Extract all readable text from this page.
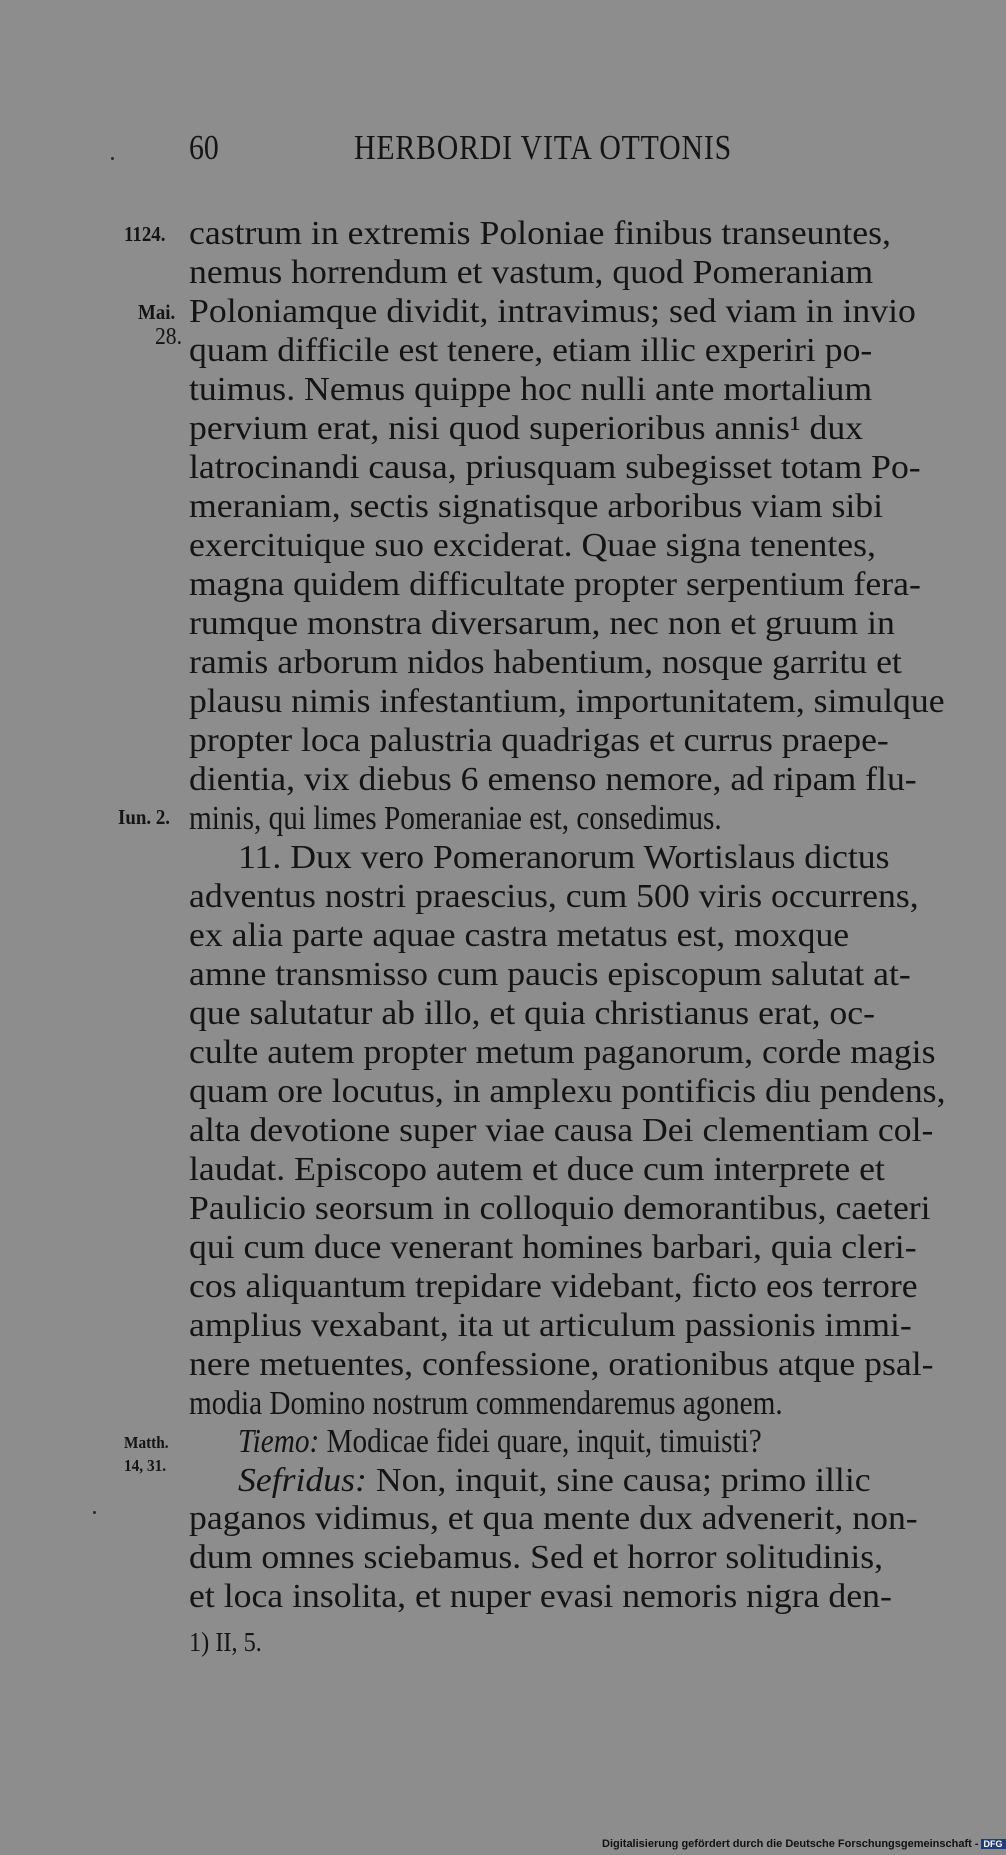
60	HERBORDI VITA OTTONIS
1124.
Mai.
28.
Iun. 2.
Matth.
14, 31.
castrum in extremis Poloniae finibus transeuntes,
nemus horrendum et vastum, quod Pomeraniam
Poloniamque dividit, intravimus; sed viam in invio
quam difficile est tenere, etiam illic experiri po-
tuimus. Nemus quippe hoc nulli ante mortalium
pervium erat, nisi quod superioribus annis¹ dux
latrocinandi causa, priusquam subegisset totam Po-
meraniam, sectis signatisque arboribus viam sibi
exercituique suo exciderat. Quae signa tenentes,
magna quidem difficultate propter serpentium fera-
rumque monstra diversarum, nec non et gruum in
ramis arborum nidos habentium, nosque garritu et
plausu nimis infestantium, importunitatem, simulque
propter loca palustria quadrigas et currus praepe-
dientia, vix diebus 6 emenso nemore, ad ripam flu-
minis, qui limes Pomeraniae est, consedimus.
11. Dux vero Pomeranorum Wortislaus dictus
adventus nostri praescius, cum 500 viris occurrens,
ex alia parte aquae castra metatus est, moxque
amne transmisso cum paucis episcopum salutat at-
que salutatur ab illo, et quia christianus erat, oc-
culte autem propter metum paganorum, corde magis
quam ore locutus, in amplexu pontificis diu pendens,
alta devotione super viae causa Dei clementiam col-
laudat. Episcopo autem et duce cum interprete et
Paulicio seorsum in colloquio demorantibus, caeteri
qui cum duce venerant homines barbari, quia cleri-
cos aliquantum trepidare videbant, ficto eos terrore
amplius vexabant, ita ut articulum passionis immi-
nere metuentes, confessione, orationibus atque psal-
modia Domino nostrum commendaremus agonem.
Tiemo: Modicae fidei quare, inquit, timuisti?
Sefridus: Non, inquit, sine causa; primo illic
paganos vidimus, et qua mente dux advenerit, non-
dum omnes sciebamus. Sed et horror solitudinis,
et loca insolita, et nuper evasi nemoris nigra den-
1) II, 5.
Digitalisierung gefördert durch die Deutsche Forschungsgemeinschaft - DFG
